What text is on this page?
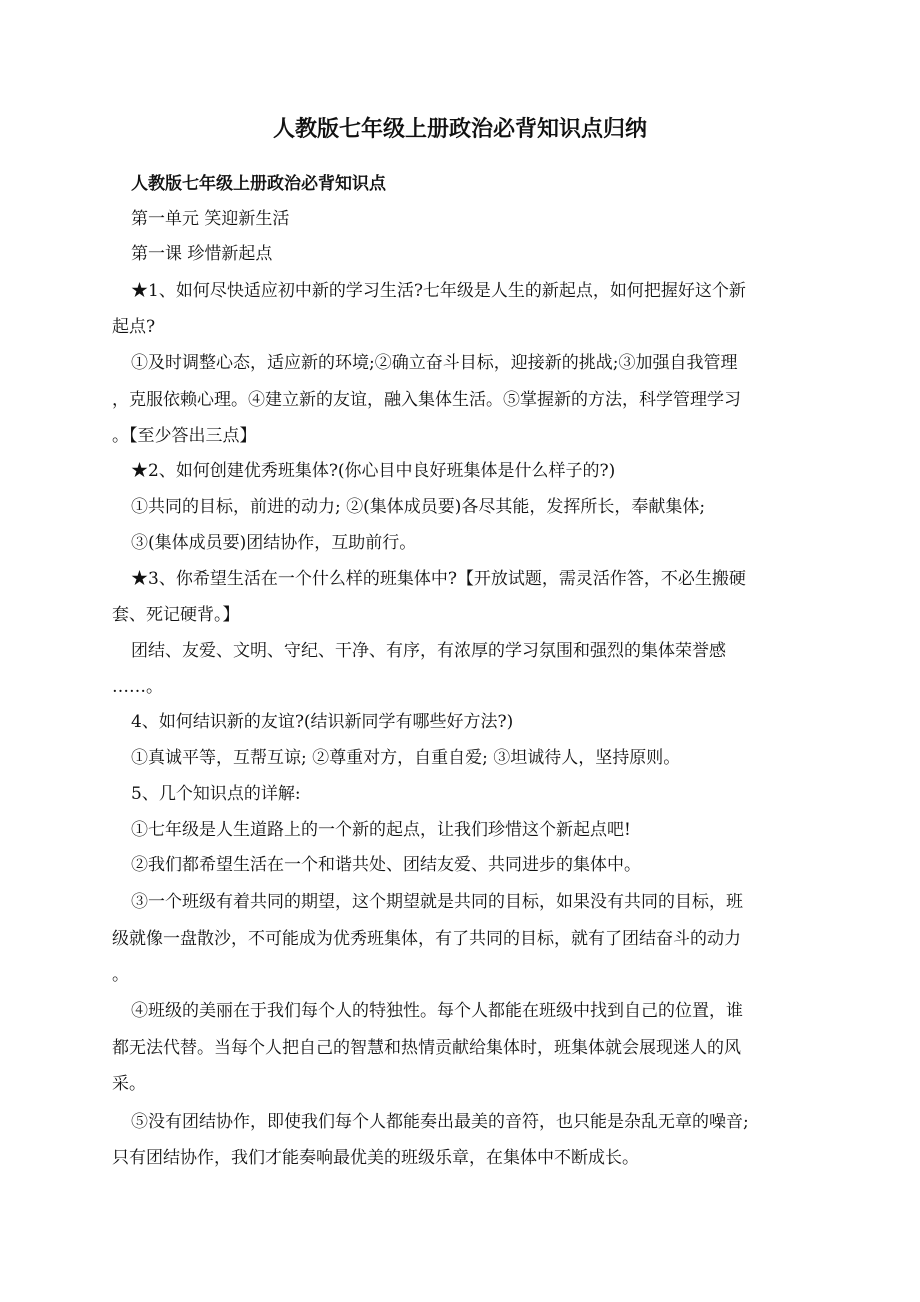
人教版七年级上册政治必背知识点归纳
人教版七年级上册政治必背知识点

第一单元 笑迎新生活

第一课 珍惜新起点

★1、如何尽快适应初中新的学习生活?七年级是人生的新起点，如何把握好这个新

起点?

①及时调整心态，适应新的环境;②确立奋斗目标，迎接新的挑战;③加强自我管理

，克服依赖心理。④建立新的友谊，融入集体生活。⑤掌握新的方法，科学管理学习

。【至少答出三点】

★2、如何创建优秀班集体?(你心目中良好班集体是什么样子的?)

①共同的目标，前进的动力; ②(集体成员要)各尽其能，发挥所长，奉献集体;

③(集体成员要)团结协作，互助前行。

★3、你希望生活在一个什么样的班集体中?【开放试题，需灵活作答，不必生搬硬

套、死记硬背。】

团结、友爱、文明、守纪、干净、有序，有浓厚的学习氛围和强烈的集体荣誉感

……。

4、如何结识新的友谊?(结识新同学有哪些好方法?)

①真诚平等，互帮互谅; ②尊重对方，自重自爱; ③坦诚待人，坚持原则。

5、几个知识点的详解:

①七年级是人生道路上的一个新的起点，让我们珍惜这个新起点吧!

②我们都希望生活在一个和谐共处、团结友爱、共同进步的集体中。

③一个班级有着共同的期望，这个期望就是共同的目标，如果没有共同的目标，班

级就像一盘散沙，不可能成为优秀班集体，有了共同的目标，就有了团结奋斗的动力

。

④班级的美丽在于我们每个人的特独性。每个人都能在班级中找到自己的位置，谁

都无法代替。当每个人把自己的智慧和热情贡献给集体时，班集体就会展现迷人的风

采。

⑤没有团结协作，即使我们每个人都能奏出最美的音符，也只能是杂乱无章的噪音;

只有团结协作，我们才能奏响最优美的班级乐章，在集体中不断成长。
